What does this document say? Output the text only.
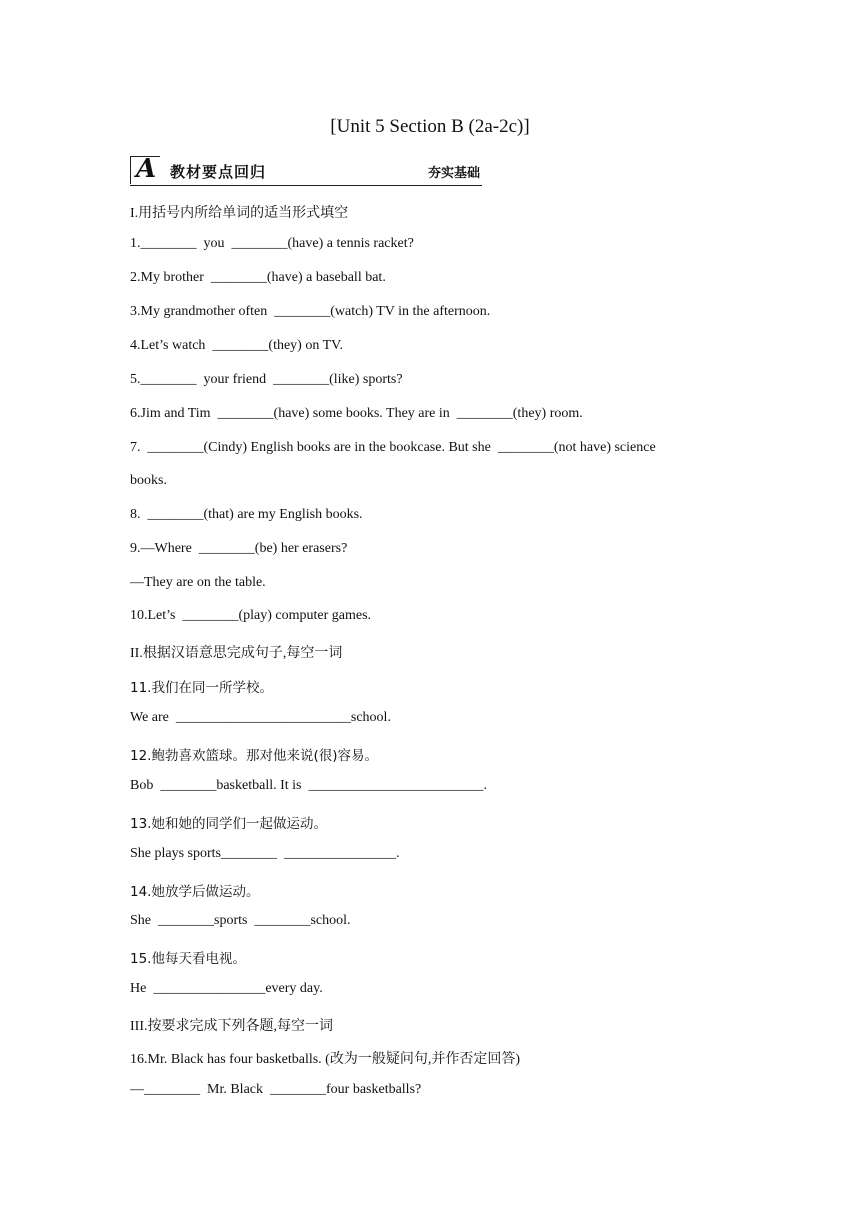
[Unit 5 Section B (2a-2c)]
A 教材要点回归	夯实基础
I.用括号内所给单词的适当形式填空
1.________  you  ________(have) a tennis racket?
2.My brother  ________(have) a baseball bat.
3.My grandmother often  ________(watch) TV in the afternoon.
4.Let’s watch  ________(they) on TV.
5.________  your friend  ________(like) sports?
6.Jim and Tim  ________(have) some books. They are in  ________(they) room.
7.  ________(Cindy) English books are in the bookcase. But she  ________(not have) science
books.
8.  ________(that) are my English books.
9.—Where  ________(be) her erasers?
—They are on the table.
10.Let’s  ________(play) computer games.
II.根据汉语意思完成句子,每空一词
11.我们在同一所学校。
We are  _________________________school.
12.鲍勃喜欢篮球。那对他来说(很)容易。
Bob  ________basketball. It is  _________________________.
13.她和她的同学们一起做运动。
She plays sports________  ________________.
14.她放学后做运动。
She  ________sports  ________school.
15.他每天看电视。
He  ________________every day.
III.按要求完成下列各题,每空一词
16.Mr. Black has four basketballs. (改为一般疑问句,并作否定回答)
—________  Mr. Black  ________four basketballs?
